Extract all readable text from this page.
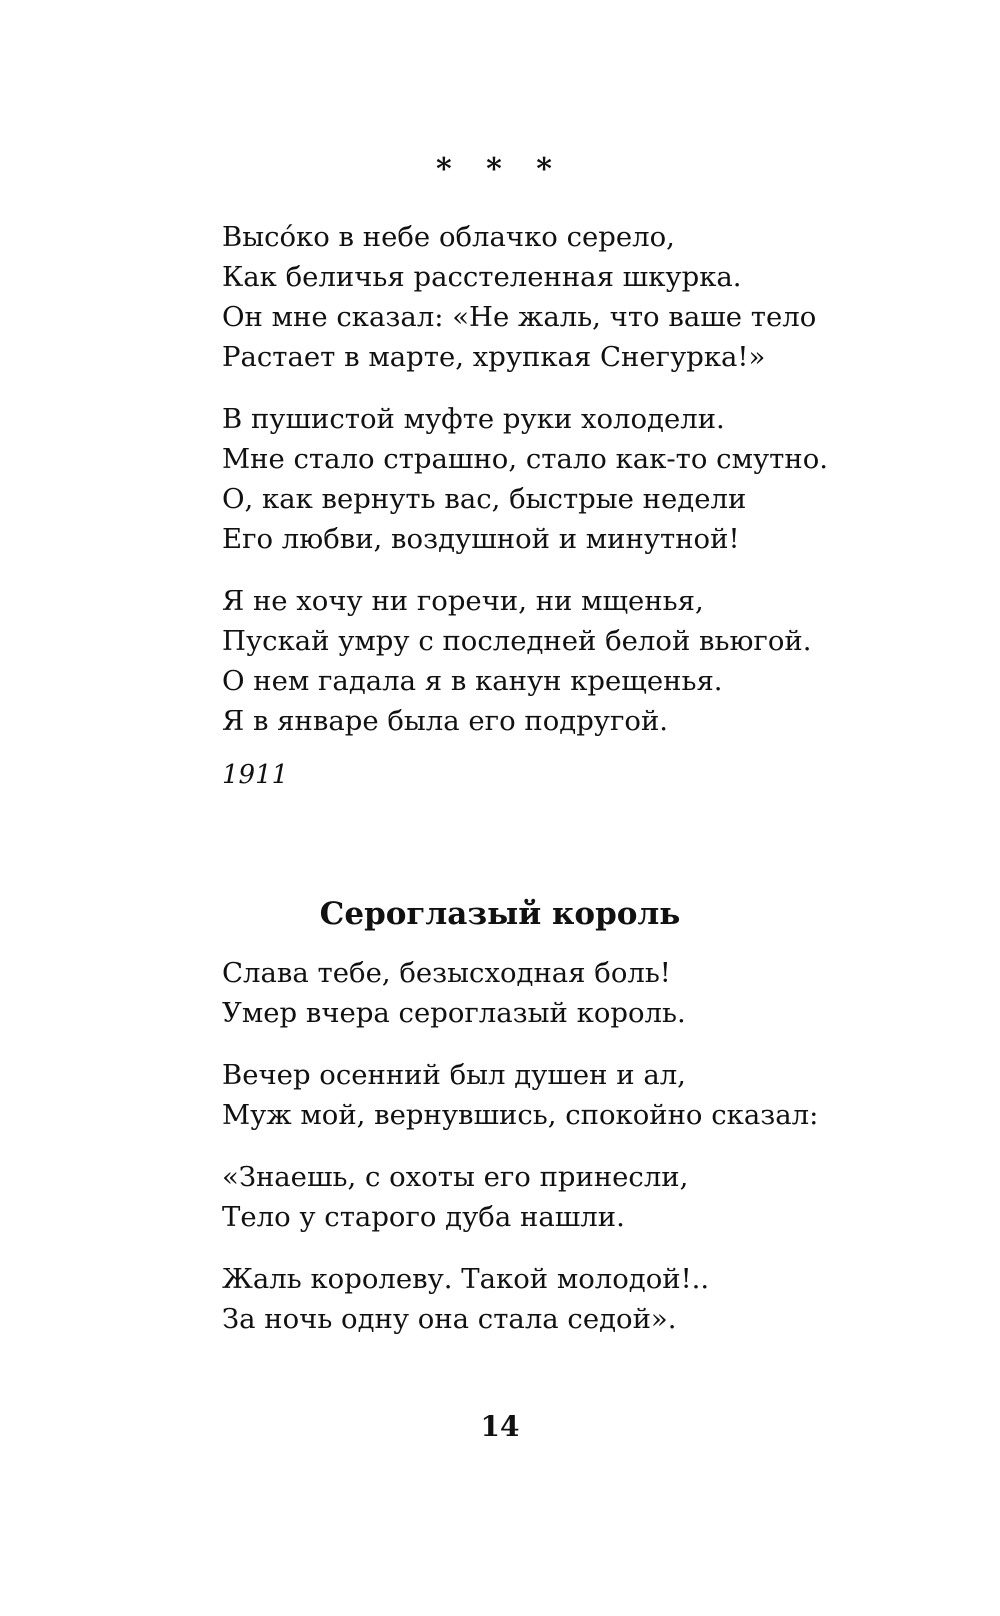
* * *
Высóко в небе облачко серело,
Как беличья расстеленная шкурка.
Он мне сказал: «Не жаль, что ваше тело
Растает в марте, хрупкая Снегурка!»
В пушистой муфте руки холодели.
Мне стало страшно, стало как-то смутно.
О, как вернуть вас, быстрые недели
Его любви, воздушной и минутной!
Я не хочу ни горечи, ни мщенья,
Пускай умру с последней белой вьюгой.
О нем гадала я в канун крещенья.
Я в январе была его подругой.
1911
Сероглазый король
Слава тебе, безысходная боль!
Умер вчера сероглазый король.
Вечер осенний был душен и ал,
Муж мой, вернувшись, спокойно сказал:
«Знаешь, с охоты его принесли,
Тело у старого дуба нашли.
Жаль королеву. Такой молодой!..
За ночь одну она стала седой».
14
